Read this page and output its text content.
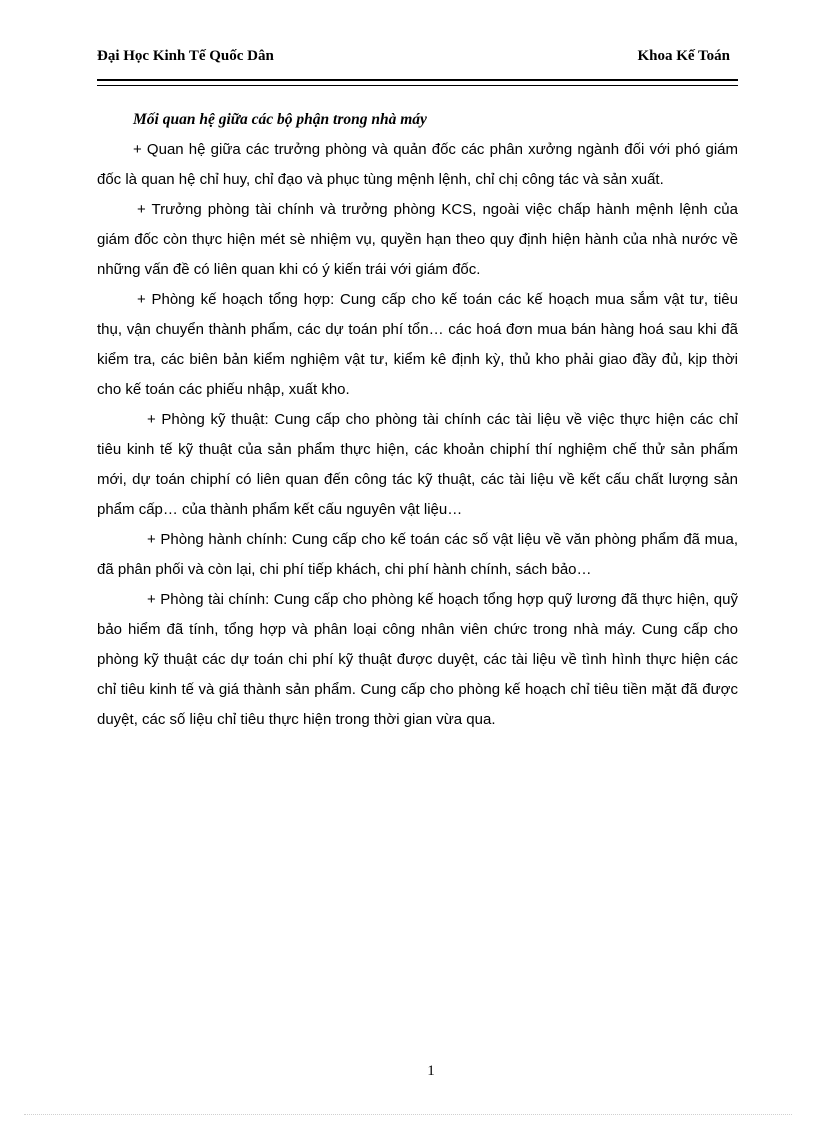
Đại Học Kinh Tế Quốc Dân	Khoa Kế Toán

Mối quan hệ giữa các bộ phận trong nhà máy

+ Quan hệ giữa các trưởng phòng và quản đốc các phân xưởng ngành đối với phó giám đốc là quan hệ chỉ huy, chỉ đạo và phục tùng mệnh lệnh, chỉ chị công tác và sản xuất.

+ Trưởng phòng tài chính và trưởng phòng KCS, ngoài việc chấp hành mệnh lệnh của giám đốc còn thực hiện mét sè nhiệm vụ, quyền hạn theo quy định hiện hành của nhà nước về những vấn đề có liên quan khi có ý kiến trái với giám đốc.

+ Phòng kế hoạch tổng hợp: Cung cấp cho kế toán các kế hoạch mua sắm vật tư, tiêu thụ, vận chuyển thành phẩm, các dự toán phí tổn… các hoá đơn mua bán hàng hoá sau khi đã kiểm tra, các biên bản kiểm nghiệm vật tư, kiểm kê định kỳ, thủ kho phải giao đầy đủ, kịp thời cho kế toán các phiếu nhập, xuất kho.

+ Phòng kỹ thuật: Cung cấp cho phòng tài chính các tài liệu về việc thực hiện các chỉ tiêu kinh tế kỹ thuật của sản phẩm thực hiện, các khoản chiphí thí nghiệm chế thử sản phẩm mới, dự toán chiphí có liên quan đến công tác kỹ thuật, các tài liệu về kết cấu chất lượng sản phẩm cấp… của thành phẩm kết cấu nguyên vật liệu…

+ Phòng hành chính: Cung cấp cho kế toán các số vật liệu về văn phòng phẩm đã mua, đã phân phối và còn lại, chi phí tiếp khách, chi phí hành chính, sách bảo…

+ Phòng tài chính: Cung cấp cho phòng kế hoạch tổng hợp quỹ lương đã thực hiện, quỹ bảo hiểm đã tính, tổng hợp và phân loại công nhân viên chức trong nhà máy. Cung cấp cho phòng kỹ thuật các dự toán chi phí kỹ thuật được duyệt, các tài liệu về tình hình thực hiện các chỉ tiêu kinh tế và giá thành sản phẩm. Cung cấp cho phòng kế hoạch chỉ tiêu tiền mặt đã được duyệt, các số liệu chỉ tiêu thực hiện trong thời gian vừa qua.

1
